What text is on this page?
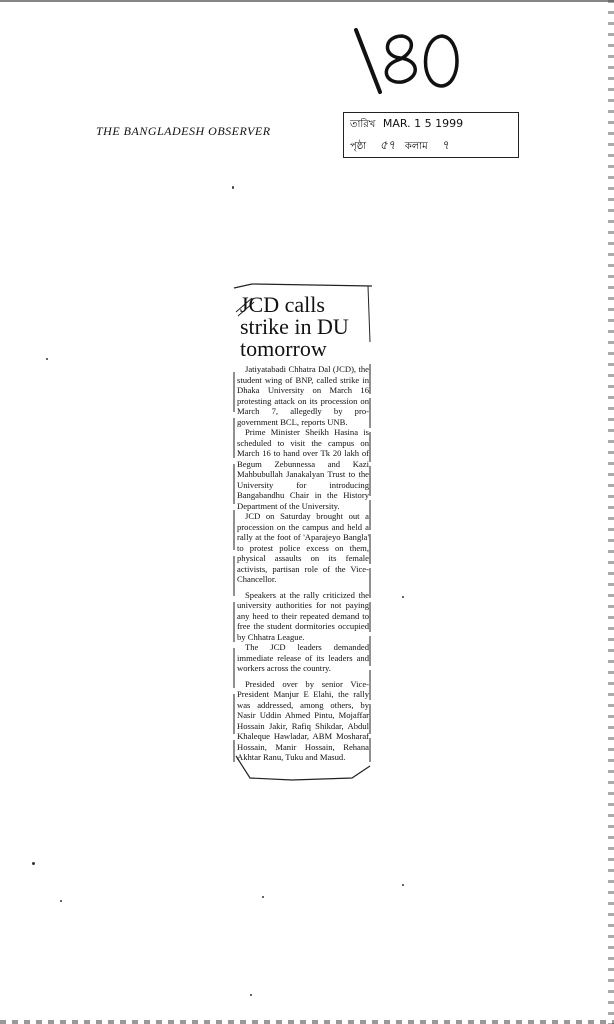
THE BANGLADESH OBSERVER	তারিখ MAR. 1 5 1999
পৃষ্ঠা ৫৭ কলাম ৭
JCD calls
strike in DU
tomorrow

Jatiyatabadi Chhatra Dal (JCD), the student wing of BNP, called strike in Dhaka University on March 16 protesting attack on its procession on March 7, allegedly by pro-government BCL, reports UNB.

Prime Minister Sheikh Hasina is scheduled to visit the campus on March 16 to hand over Tk 20 lakh of Begum Zebunnessa and Kazi Mahbubullah Janakalyan Trust to the University for introducing Bangabandhu Chair in the History Department of the University.

JCD on Saturday brought out a procession on the campus and held a rally at the foot of 'Aparajeyo Bangla' to protest police excess on them, physical assaults on its female activists, partisan role of the Vice-Chancellor.

Speakers at the rally criticized the university authorities for not paying any heed to their repeated demand to free the student dormitories occupied by Chhatra League.

The JCD leaders demanded immediate release of its leaders and workers across the country.

Presided over by senior Vice-President Manjur E Elahi, the rally was addressed, among others, by Nasir Uddin Ahmed Pintu, Mojaffar Hossain Jakir, Rafiq Shikdar, Abdul Khaleque Hawladar, ABM Mosharaf Hossain, Manir Hossain, Rehana Akhtar Ranu, Tuku and Masud.
